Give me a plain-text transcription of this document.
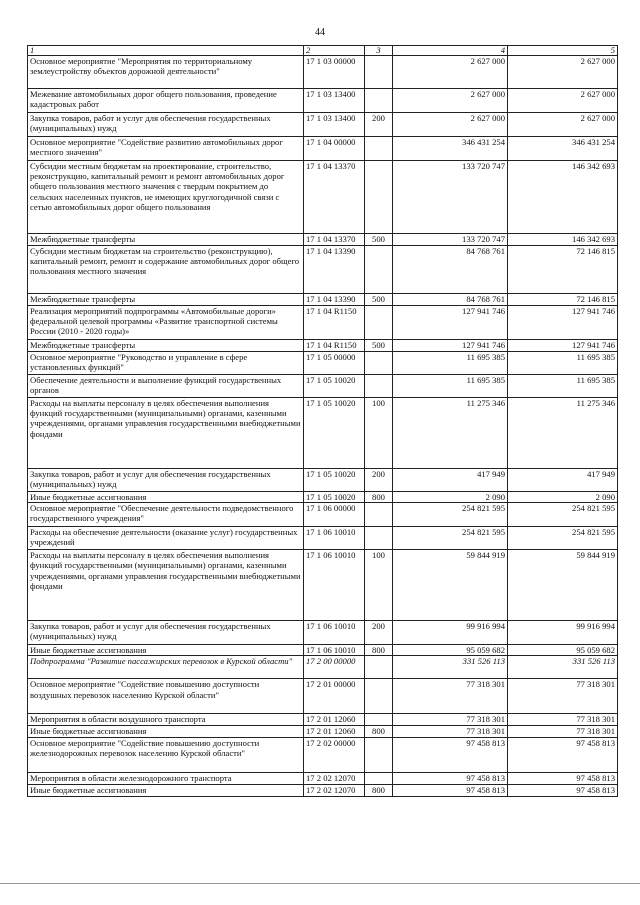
44
1	2	3	4	5
Основное мероприятие "Мероприятия по территориальному землеустройству объектов дорожной деятельности"	17 1 03 00000		2 627 000	2 627 000
Межевание автомобильных дорог общего пользования, проведение кадастровых работ	17 1 03 13400		2 627 000	2 627 000
Закупка товаров, работ и услуг для обеспечения государственных (муниципальных) нужд	17 1 03 13400	200	2 627 000	2 627 000
Основное мероприятие "Содействие развитию автомобильных дорог местного значения"	17 1 04 00000		346 431 254	346 431 254
Субсидии местным бюджетам на проектирование, строительство, реконструкцию, капитальный ремонт и ремонт автомобильных дорог общего пользования местного значения с твердым покрытием до сельских населенных пунктов, не имеющих круглогодичной связи с сетью автомобильных дорог общего пользования	17 1 04 13370		133 720 747	146 342 693
Межбюджетные трансферты	17 1 04 13370	500	133 720 747	146 342 693
Субсидии местным бюджетам на строительство (реконструкцию), капитальный ремонт, ремонт и содержание автомобильных дорог общего пользования местного значения	17 1 04 13390		84 768 761	72 146 815
Межбюджетные трансферты	17 1 04 13390	500	84 768 761	72 146 815
Реализация мероприятий подпрограммы «Автомобильные дороги» федеральной целевой программы «Развитие транспортной системы России (2010 - 2020 годы)»	17 1 04 R1150		127 941 746	127 941 746
Межбюджетные трансферты	17 1 04 R1150	500	127 941 746	127 941 746
Основное мероприятие "Руководство и управление в сфере установленных функций"	17 1 05 00000		11 695 385	11 695 385
Обеспечение деятельности и выполнение функций государственных органов	17 1 05 10020		11 695 385	11 695 385
Расходы на выплаты персоналу в целях обеспечения выполнения функций государственными (муниципальными) органами, казенными учреждениями, органами управления государственными внебюджетными фондами	17 1 05 10020	100	11 275 346	11 275 346
Закупка товаров, работ и услуг для обеспечения государственных (муниципальных) нужд	17 1 05 10020	200	417 949	417 949
Иные бюджетные ассигнования	17 1 05 10020	800	2 090	2 090
Основное мероприятие "Обеспечение деятельности подведомственного государственного учреждения"	17 1 06 00000		254 821 595	254 821 595
Расходы на обеспечение деятельности (оказание услуг) государственных учреждений	17 1 06 10010		254 821 595	254 821 595
Расходы на выплаты персоналу в целях обеспечения выполнения функций государственными (муниципальными) органами, казенными учреждениями, органами управления государственными внебюджетными фондами	17 1 06 10010	100	59 844 919	59 844 919
Закупка товаров, работ и услуг для обеспечения государственных (муниципальных) нужд	17 1 06 10010	200	99 916 994	99 916 994
Иные бюджетные ассигнования	17 1 06 10010	800	95 059 682	95 059 682
Подпрограмма "Развитие пассажирских перевозок в Курской области"	17 2 00 00000		331 526 113	331 526 113
Основное мероприятие "Содействие повышению доступности воздушных перевозок населению Курской области"	17 2 01 00000		77 318 301	77 318 301
Мероприятия в области воздушного транспорта	17 2 01 12060		77 318 301	77 318 301
Иные бюджетные ассигнования	17 2 01 12060	800	77 318 301	77 318 301
Основное мероприятие "Содействие повышению доступности железнодорожных перевозок населению Курской области"	17 2 02 00000		97 458 813	97 458 813
Мероприятия в области железнодорожного транспорта	17 2 02 12070		97 458 813	97 458 813
Иные бюджетные ассигнования	17 2 02 12070	800	97 458 813	97 458 813
